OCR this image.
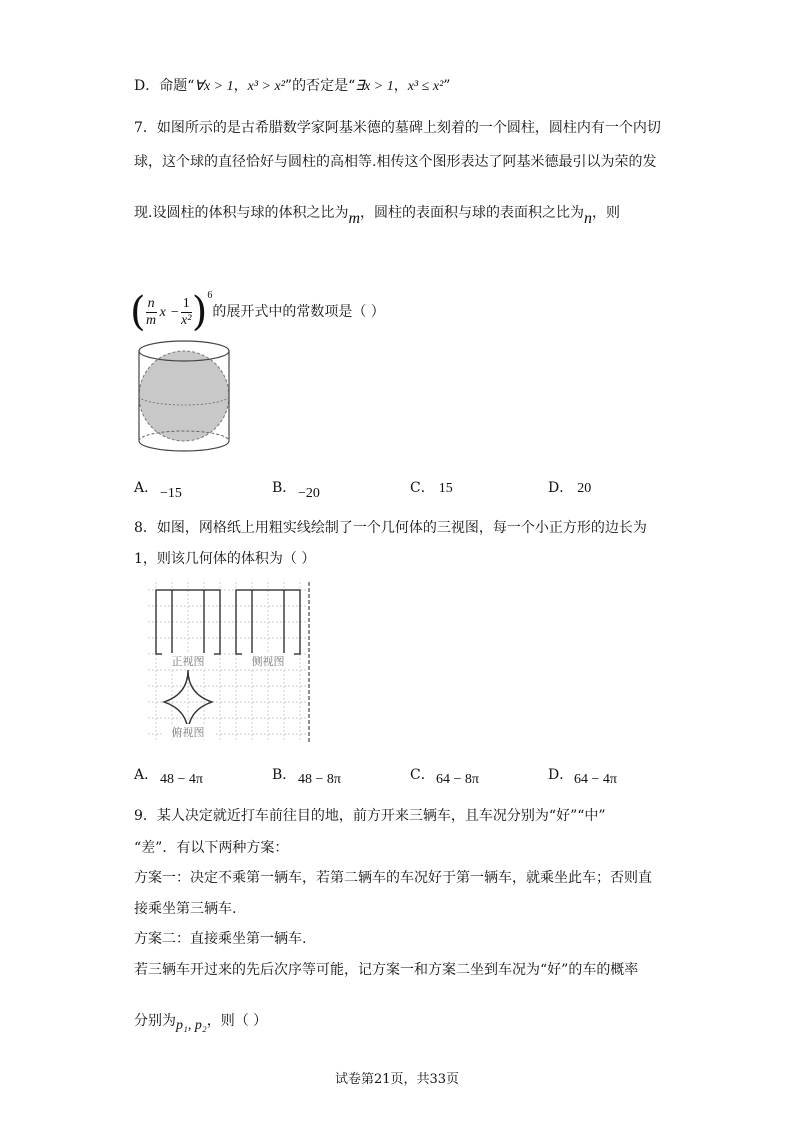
D．命题“∀x > 1，x³ > x²”的否定是“∃x > 1，x³ ≤ x²”
7．如图所示的是古希腊数学家阿基米德的墓碑上刻着的一个圆柱，圆柱内有一个内切
球，这个球的直径恰好与圆柱的高相等.相传这个图形表达了阿基米德最引以为荣的发
现.设圆柱的体积与球的体积之比为m，圆柱的表面积与球的表面积之比为n，则
( $\frac{n}{m}$ $x - \frac{1}{\text{x²}} )^6$的展开式中的常数项是（ ）
A． −15	B． −20	C． 15	D． 20
8．如图，网格纸上用粗实线绘制了一个几何体的三视图，每一个小正方形的边长为
1，则该几何体的体积为（ ）
正视图	侧视图
俯视图
A． 48 − 4π	B． 48 − 8π	C． 64 − 8π	D． 64 − 4π
9．某人决定就近打车前往目的地，前方开来三辆车，且车况分别为“好”“中”
“差”．有以下两种方案：
方案一：决定不乘第一辆车，若第二辆车的车况好于第一辆车，就乘坐此车；否则直
接乘坐第三辆车.
方案二：直接乘坐第一辆车.
若三辆车开过来的先后次序等可能，记方案一和方案二坐到车况为“好”的车的概率
分别为p₁, p₂，则（ ）
试卷第21页，共33页
